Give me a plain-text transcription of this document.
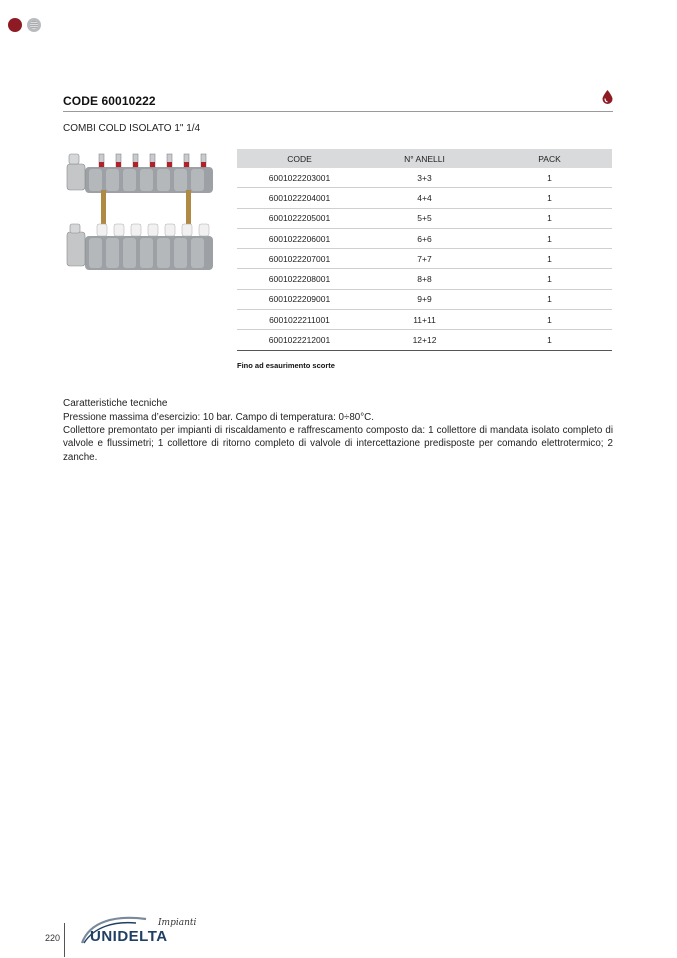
CODE 60010222
COMBI COLD ISOLATO 1" 1/4
CODE	N° ANELLI	PACK
6001022203001	3+3	1
6001022204001	4+4	1
6001022205001	5+5	1
6001022206001	6+6	1
6001022207001	7+7	1
6001022208001	8+8	1
6001022209001	9+9	1
6001022211001	11+11	1
6001022212001	12+12	1
Fino ad esaurimento scorte
Caratteristiche tecniche

Pressione massima d’esercizio: 10 bar. Campo di temperatura: 0÷80°C.
Collettore premontato per impianti di riscaldamento e raffrescamento composto da: 1 collettore di mandata isolato completo di valvole e flussimetri; 1 collettore di ritorno completo di valvole di intercettazione predisposte per comando elettrotermico; 2 zanche.

220
Impianti
UNIDELTA
